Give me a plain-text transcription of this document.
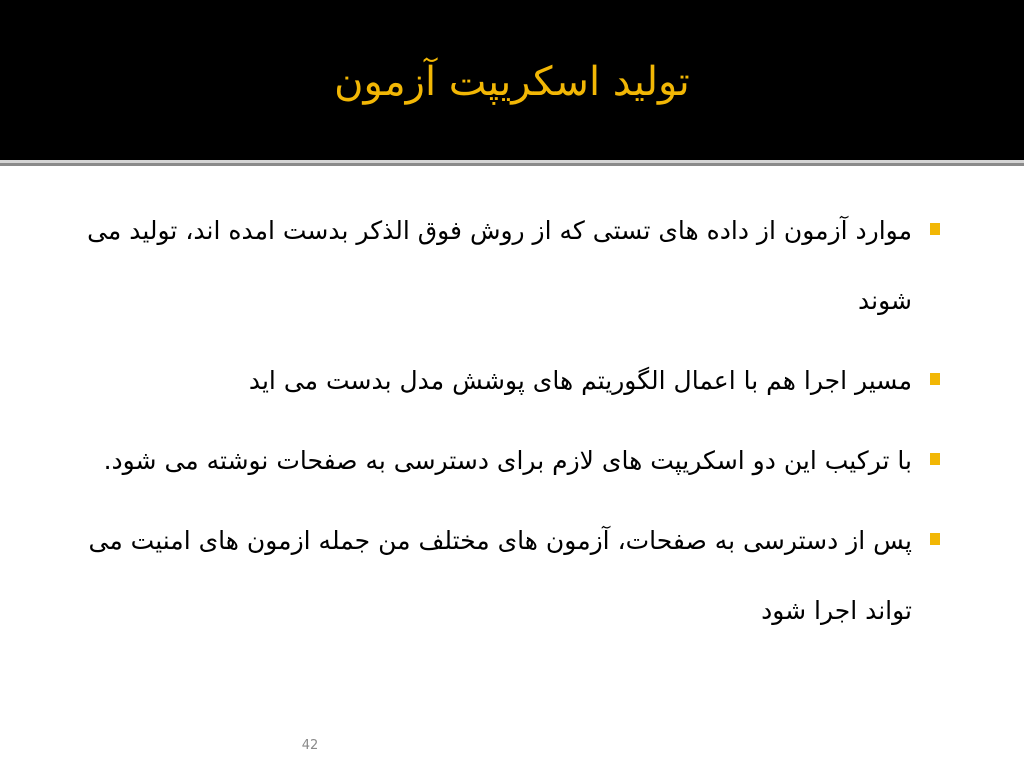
تولید اسکریپت آزمون
موارد آزمون از داده های تستی که از روش فوق الذکر بدست امده اند، تولید می شوند
مسیر اجرا هم با اعمال الگوریتم های پوشش مدل بدست می اید
با ترکیب این دو اسکریپت های لازم برای دسترسی به صفحات نوشته می شود.
پس از دسترسی به صفحات، آزمون های مختلف من جمله ازمون های امنیت می تواند اجرا شود
42
